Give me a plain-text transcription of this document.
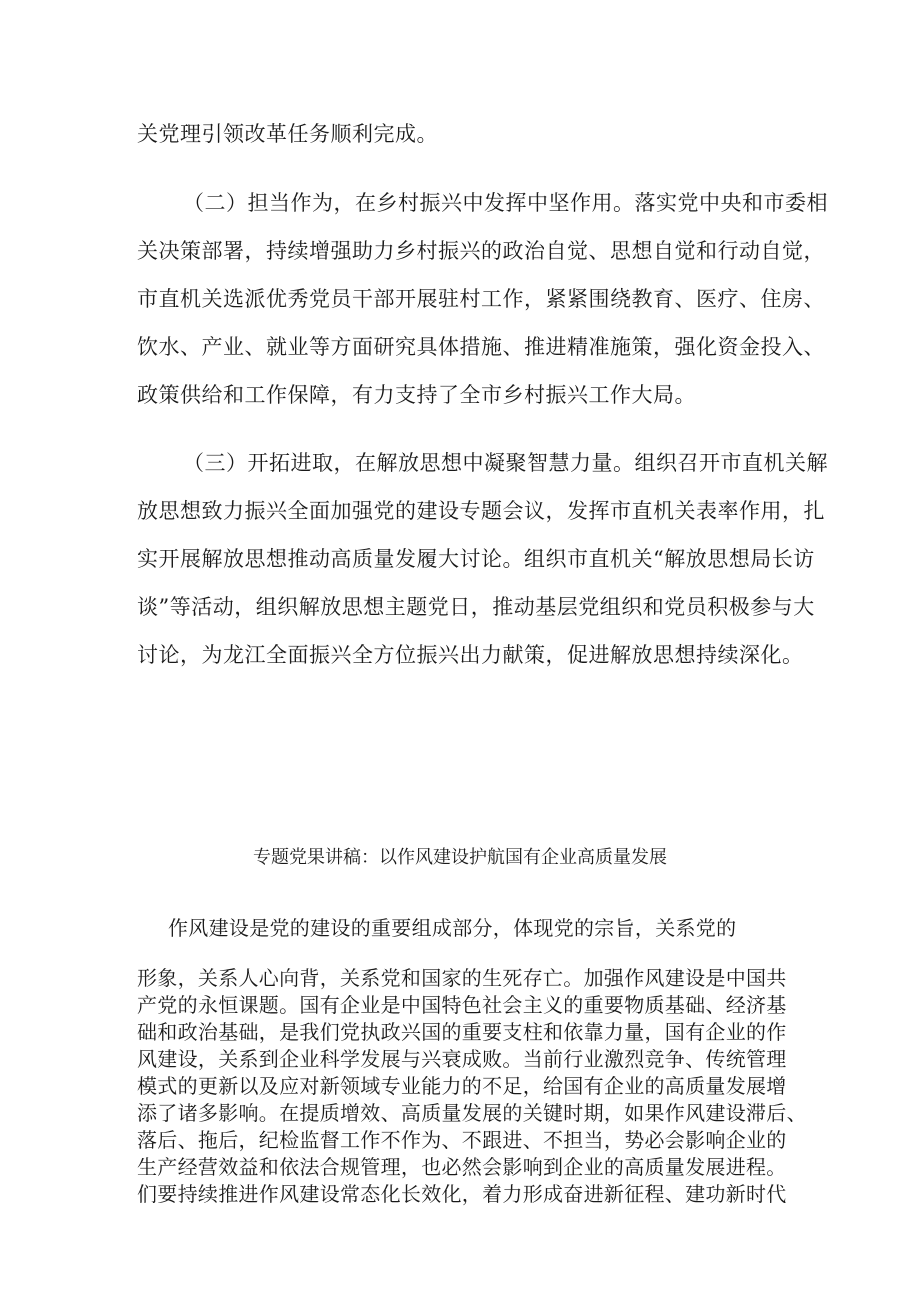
关党理引领改革任务顺利完成。
（二）担当作为，在乡村振兴中发挥中坚作用。落实党中央和市委相
关决策部署，持续增强助力乡村振兴的政治自觉、思想自觉和行动自觉，
市直机关选派优秀党员干部开展驻村工作，紧紧围绕教育、医疗、住房、
饮水、产业、就业等方面研究具体措施、推进精准施策，强化资金投入、
政策供给和工作保障，有力支持了全市乡村振兴工作大局。
（三）开拓进取，在解放思想中凝聚智慧力量。组织召开市直机关解
放思想致力振兴全面加强党的建设专题会议，发挥市直机关表率作用，扎
实开展解放思想推动高质量发履大讨论。组织市直机关“解放思想局长访
谈”等活动，组织解放思想主题党日，推动基层党组织和党员积极参与大
讨论，为龙江全面振兴全方位振兴出力献策，促进解放思想持续深化。
专题党果讲稿：以作风建设护航国有企业高质量发展
作风建设是党的建设的重要组成部分，体现党的宗旨，关系党的
形象，关系人心向背，关系党和国家的生死存亡。加强作风建设是中国共
产党的永恒课题。国有企业是中国特色社会主义的重要物质基础、经济基
础和政治基础，是我们党执政兴国的重要支柱和依靠力量，国有企业的作
风建设，关系到企业科学发展与兴衰成败。当前行业激烈竞争、传统管理
模式的更新以及应对新领域专业能力的不足，给国有企业的高质量发展增
添了诸多影响。在提质增效、高质量发展的关键时期，如果作风建设滞后、
落后、拖后，纪检监督工作不作为、不跟进、不担当，势必会影响企业的
生产经营效益和依法合规管理，也必然会影响到企业的高质量发展进程。
们要持续推进作风建设常态化长效化，着力形成奋进新征程、建功新时代
